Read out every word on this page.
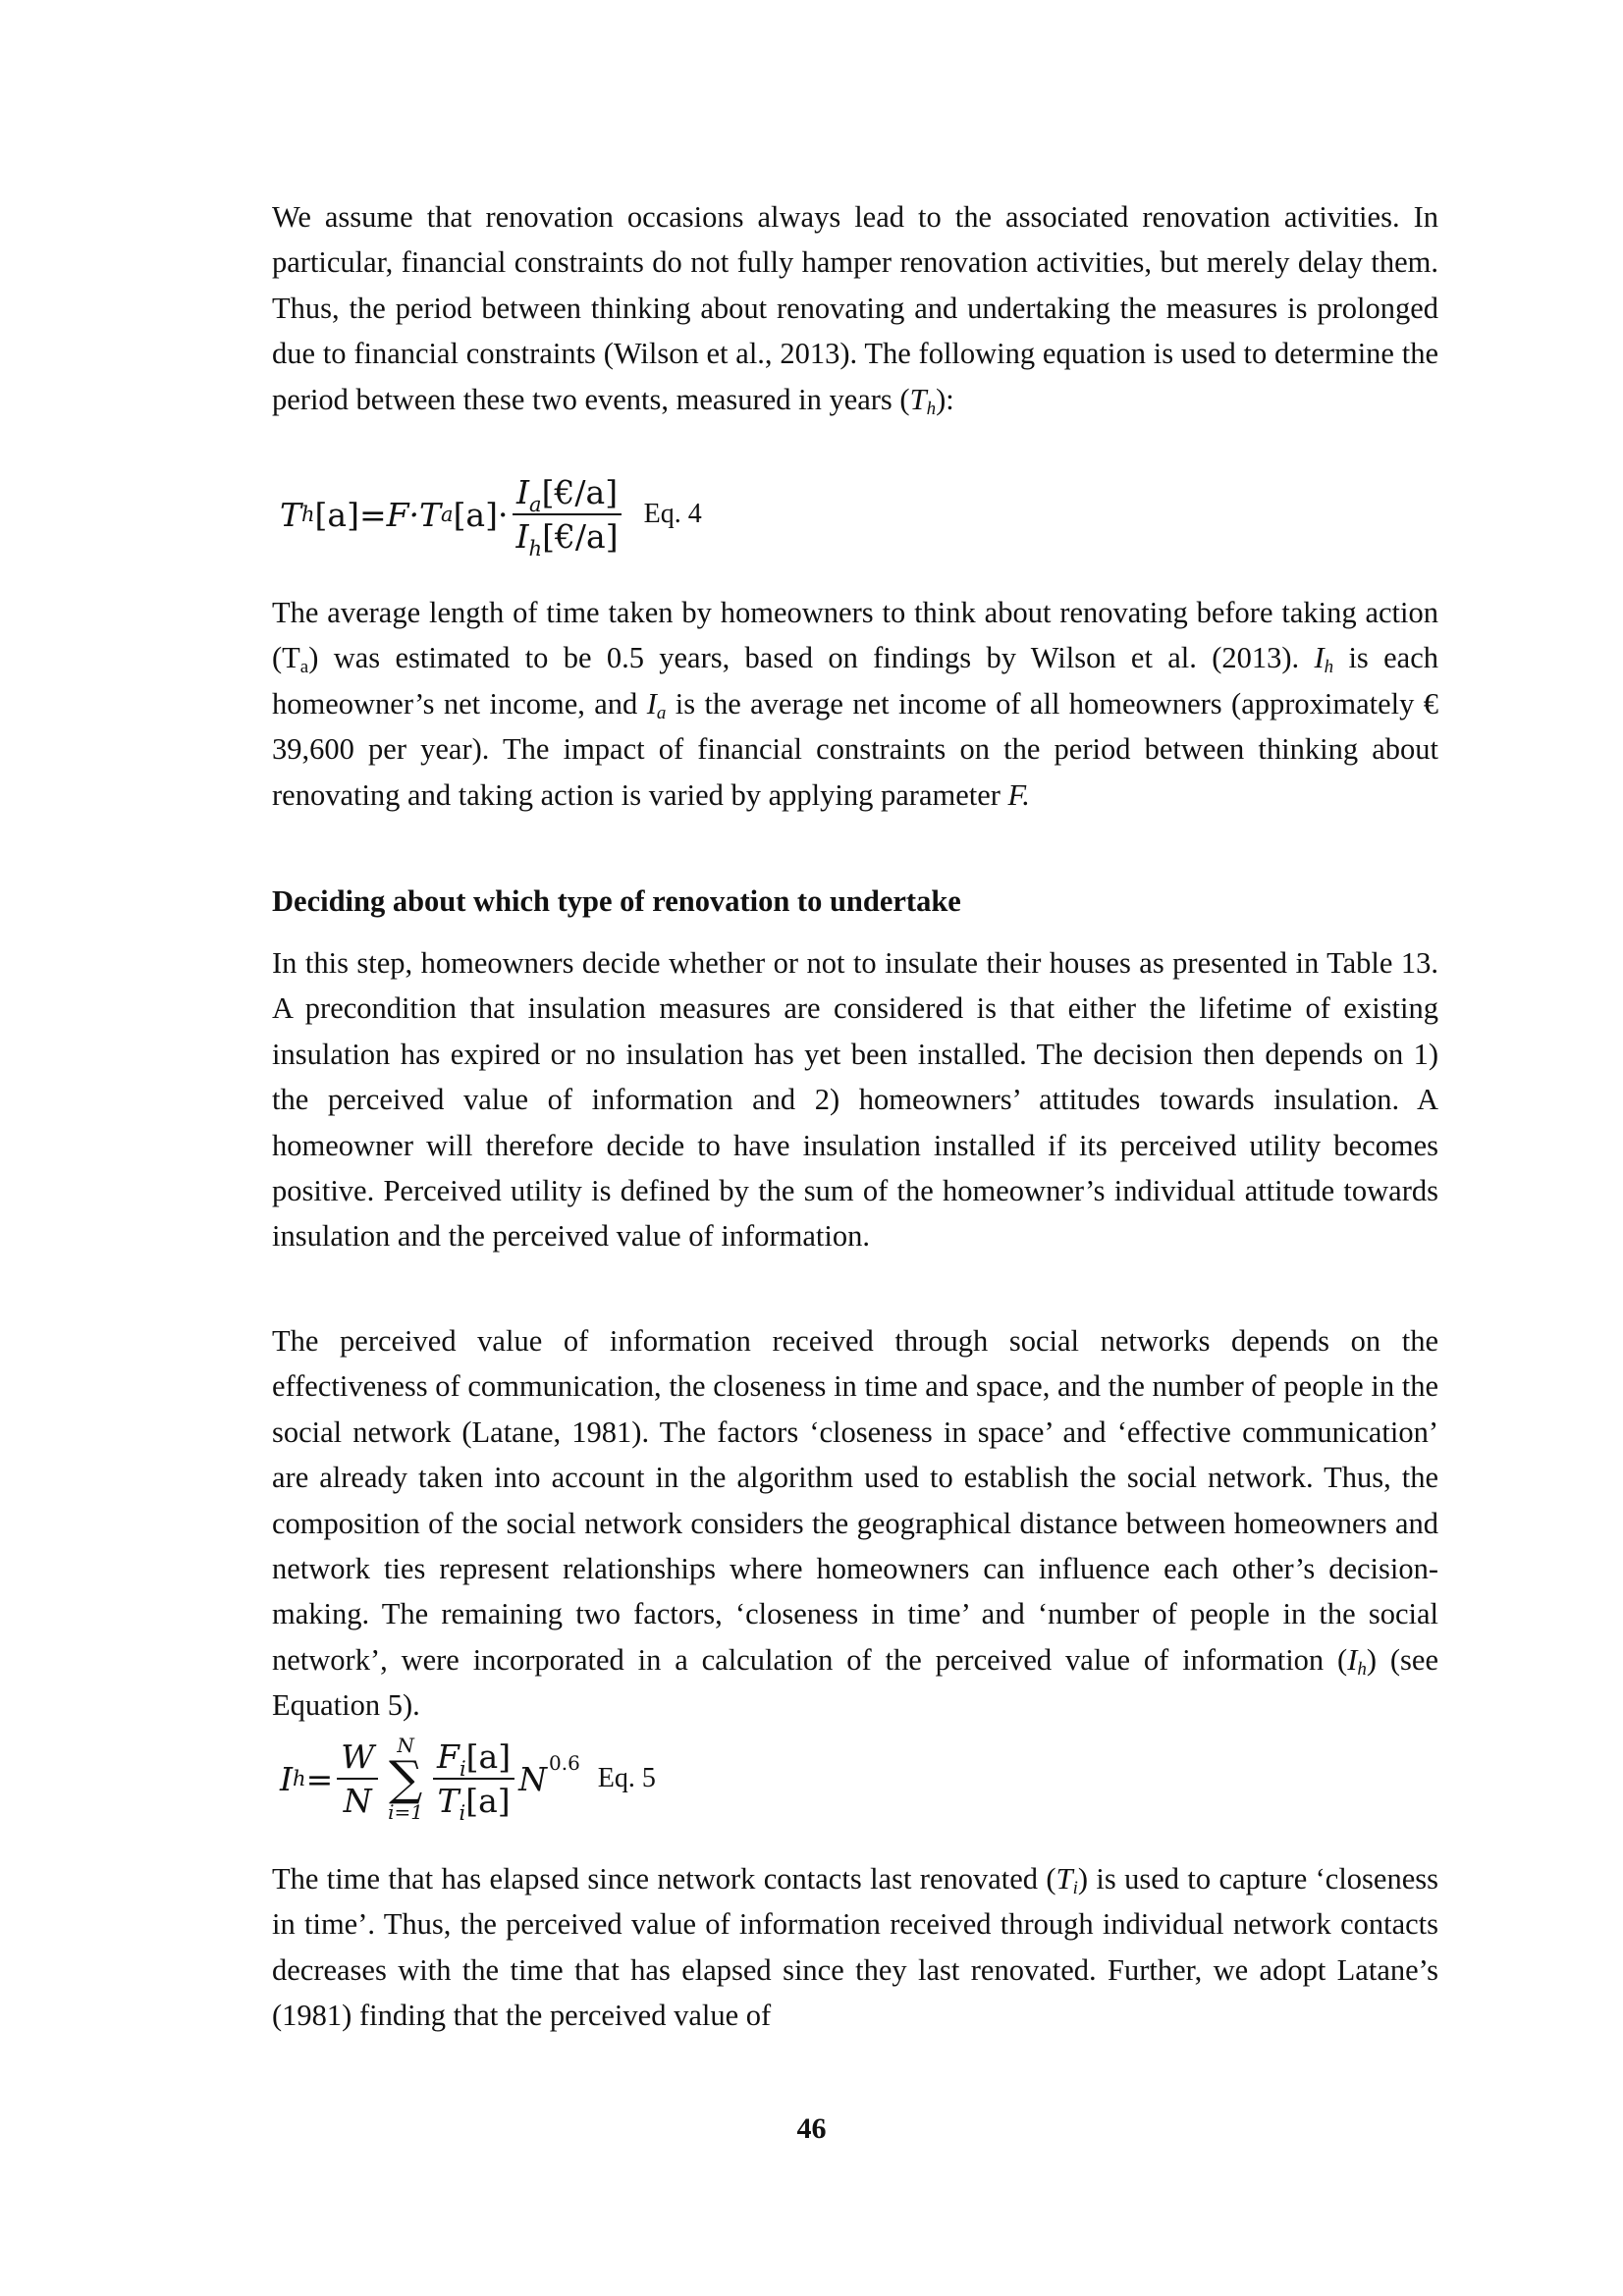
We assume that renovation occasions always lead to the associated renovation activities. In particular, financial constraints do not fully hamper renovation activities, but merely delay them. Thus, the period between thinking about renovating and undertaking the measures is prolonged due to financial constraints (Wilson et al., 2013). The following equation is used to determine the period between these two events, measured in years $(T_h)$:

T h [a]= F·T a $[a]\cdot \frac{I_a[€/a]}{I_h[€/a]} Eq$. 4

The average length of time taken by homeowners to think about renovating before taking action $(T_a)$ was estimated to be 0.5 years, based on findings by Wilson et al. (2013). $I_h$ is each homeowner’s net income, and $I_a$ is the average net income of all homeowners (approximately € 39,600 per year). The impact of financial constraints on the period between thinking about renovating and taking action is varied by applying parameter F.

Deciding about which type of renovation to undertake

In this step, homeowners decide whether or not to insulate their houses as presented in Table 13. A precondition that insulation measures are considered is that either the lifetime of existing insulation has expired or no insulation has yet been installed. The decision then depends on 1) the perceived value of information and 2) homeowners’ attitudes towards insulation. A homeowner will therefore decide to have insulation installed if its perceived utility becomes positive. Perceived utility is defined by the sum of the homeowner’s individual attitude towards insulation and the perceived value of information.

The perceived value of information received through social networks depends on the effectiveness of communication, the closeness in time and space, and the number of people in the social network (Latane, 1981). The factors ‘closeness in space’ and ‘effective communication’ are already taken into account in the algorithm used to establish the social network. Thus, the composition of the social network considers the geographical distance between homeowners and network ties represent relationships where homeowners can influence each other’s decision-making. The remaining two factors, ‘closeness in time’ and ‘number of people in the social network’, were incorporated in a calculation of the perceived value of information $(I_h)$ (see Equation 5).

I $h = \frac{W}{N}$ N
∑
$i=1 \frac{F_i[a]}{T_i[a]}$ N 0.6 Eq. 5

The time that has elapsed since network contacts last renovated $(T_i)$ is used to capture ‘closeness in time’. Thus, the perceived value of information received through individual network contacts decreases with the time that has elapsed since they last renovated. Further, we adopt Latane’s (1981) finding that the perceived value of

46
